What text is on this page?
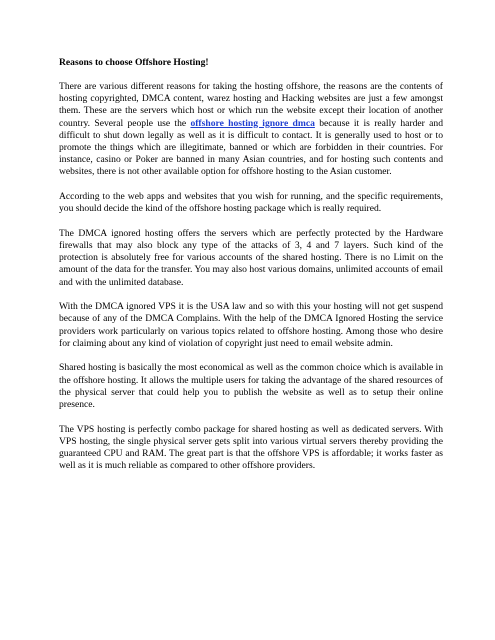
Reasons to choose Offshore Hosting!

There are various different reasons for taking the hosting offshore, the reasons are the contents of hosting copyrighted, DMCA content, warez hosting and Hacking websites are just a few amongst them. These are the servers which host or which run the website except their location of another country. Several people use the offshore hosting ignore dmca because it is really harder and difficult to shut down legally as well as it is difficult to contact. It is generally used to host or to promote the things which are illegitimate, banned or which are forbidden in their countries. For instance, casino or Poker are banned in many Asian countries, and for hosting such contents and websites, there is not other available option for offshore hosting to the Asian customer.

According to the web apps and websites that you wish for running, and the specific requirements, you should decide the kind of the offshore hosting package which is really required.

The DMCA ignored hosting offers the servers which are perfectly protected by the Hardware firewalls that may also block any type of the attacks of 3, 4 and 7 layers. Such kind of the protection is absolutely free for various accounts of the shared hosting. There is no Limit on the amount of the data for the transfer. You may also host various domains, unlimited accounts of email and with the unlimited database.

With the DMCA ignored VPS it is the USA law and so with this your hosting will not get suspend because of any of the DMCA Complains. With the help of the DMCA Ignored Hosting the service providers work particularly on various topics related to offshore hosting. Among those who desire for claiming about any kind of violation of copyright just need to email website admin.

Shared hosting is basically the most economical as well as the common choice which is available in the offshore hosting. It allows the multiple users for taking the advantage of the shared resources of the physical server that could help you to publish the website as well as to setup their online presence.

The VPS hosting is perfectly combo package for shared hosting as well as dedicated servers. With VPS hosting, the single physical server gets split into various virtual servers thereby providing the guaranteed CPU and RAM. The great part is that the offshore VPS is affordable; it works faster as well as it is much reliable as compared to other offshore providers.
